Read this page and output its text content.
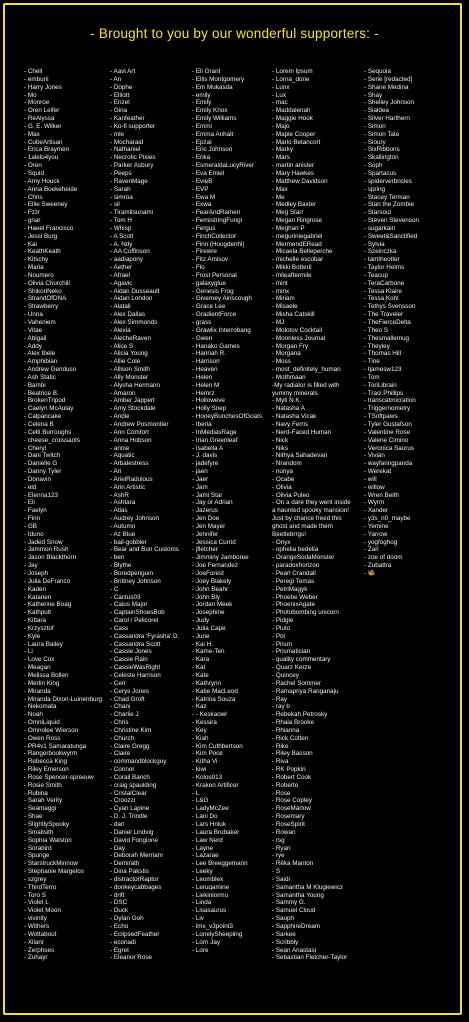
- Brought to you by our wonderful supporters: -
- Chell
- emburii
- Harry Jones
- Mo
- Monroe
- Oren Leifer
- ReAlyssa
- G. E. Wilker
- Max
- CubeArtisan
- Erica Braymen
- 1alelu4you
- Oren
- Squid
- Amy Houck
- Anna Boekeheide
- Chris
- Ellie Sweeney
- Fzzr
- gnar
- Haeel Francisco
- Jessi Burg
- Kai
- KeathKeath
- Kitschy
- Maria
- Noumero
- Olivia Churchill
- ShikoriNeko
- StrandOfDNA
- Strawberry
- Unna
- Vaheniem
- Vitae
- Abigail
- Addy
- Alex Ibele
- Amphibian
- Andrew Genduso
- Ash Static
- Bambi
- Beatrice B.
- BrokenTripod
- Caelyn McAulay
- Calpancake
- Celena B
- Celti Burroughs
- cheese_croissants
- Cheryl
- Dani Twitch
- Danielle G
- Danny Tyler
- Donavin
- eld
- Elenna123
- Eli
- Faelyn
- Finn
- GB
- Iduno
- Jaded Snow
- Jammon Rush
- Jason Blackthorn
- Jay
- Joseph
- Julia DeFranco
- Kaden
- Katarien
- Katherine Boag
- Kathpult
- Kittara
- Krzysztof
- Kyle
- Laura Bailey
- Li
- Love Cox
- Meagan
- Melissa Bollen
- Merlin King
- Miranda
- Miranda Dixon-Luinenburg
- Nekomata
- Noah
- OmniLiquid
- Omnolee Wierson
- Owen Ross
- PR4v1 Samaratunga
- Rangerbookwyrm
- Rebecca King
- Riley Emerson
- Rose Spencer-spreeuw
- Rosie Smith
- Rubina
- Sarah Verity
- Seamaggi
- Shae
- SlightlySpooky
- Smallsith
- Sophia Walston
- Sorabird
- Spunge
- StarstruckMinnow
- Stephanie Margelos
- szgrey
- ThirdTerro
- Toro S
- Violet L
- Violet Moon
- vivinity
- Withers
- Wottabout
- Xilanr
- Zerphses
- Zuhayr
- Aavi Art
- An
- Dophe
- Elliott
- Enzel
- Gina
- Kanfeather
- Ko-fi supporter
- mle
- Mocharaid
- Nathaniel
- Necrotic Pixies
- Parker Asbury
- Peeps
- RavenMage
- Sarah
- simroa
- sil
- Tiramitsunami
- Tom H
- Whisp
- A Scott
- A. Ndy
- AA Coffinson
- aadiapony
- Aether
- Afrael
- Agavic
- Aidan Dusseault
- Aidan London
- Alatali
- Alex Dallas
- Alex Simmonds
- Alexia
- AlecheRaven
- Alice S
- Alicia Young
- Allie Cole
- Allison Smith
- Ally Monster
- Alysha Hermann
- Amaron
- Amber Jappert
- Amy Stockdale
- Andie
- Andrew Posmontier
- Ann Comfort
- Anna Hobson
- annie
- Aquatic
- Arbalestress
- Ari
- ArielRadulous
- Arin Artistic
- AshR
- Ashtara
- Atlas
- Audrey Johnson
- Autumn
- Az Blue
- bail-gobbler
- Bear and Bun Customs
- ben
- Blythe
- Boredpenguin
- Brittney Johnson
- C
- Cactus03
- Caius Major
- CaptainShoesBob
- Carol / Pelicorel
- Cass
- Cassandra 'Fyrasha' D.
- Cassandra Scott
- Cassie Jones
- Cassie Rain
- CassieWasRight
- Celeste Harrison
- Ceri
- Cerys Jones
- Chad Groft
- Chani
- Charlie J
- Chris
- Christine Kim
- Church
- Claire Gregg
- Claire
- commandblockguy
- Connor
- Corail Banch
- craig spaulding
- CristalClear
- Croozzi
- Cyan Lapine
- D. J. Trindle
- dan
- Daniel Lindvig
- David Fongione
- Day
- Deborah Merriam
- Demirath
- Dina Pakstis
- distractorRaptor
- donkeycabbages
- drift
- DSC
- Duck
- Dylan Goh
- Echo
- EclipsedFeather
- econadi
- Egret
- Eleanor Rose
- Eli Grant
- Ellis Montgomery
- Em Mukasda
- emily
- Emily
- Emily Knox
- Emily Williams
- Emmi
- Emma Anhalt
- Epzal
- Eric Johnson
- Erika
- EsmeraldaLucyRiver
- Eva Emiel
- EvieB
- EVP
- Ewa M
- Exwa
- FearAndRamen
- FerrestringFungi
- Fergus
- FinchCollector
- Finn (Hougdenhl)
- Firewre
- Fitz Amisov
- Flo
- Frost Personal
- galaxyglue
- Genesis Frog
- Giverney Ainscough
- Grace Lee
- GradientForce
- grass
- Grawlix Interrobang
- Gwen
- Hanako Games
- Hannah R.
- Harrison
- Heaven
- Helen
- Helen M
- Hemrz
- Holloweve
- Holly Snep
- HoneyBunchesOfGoats
- Iberia
- InMediasRage
- Irian Greenleaf
- Isabella A
- J. davis
- jadefyre
- jaen
- Jaer
- Jam
- Jami Star
- Jay or Adrian
- Jazerus
- Jen Doe
- Jen Mayer
- Jennifer
- Jessica Currid
- jfletcher
- Jimminy Jamboree
- Joe Fernandez
- JoeForest
- Joey Blakely
- John Beahr
- John Bly
- Jordan Meek
- Josephine
- Judy
- Julia Cape
- June
- Kai H.
- Kame-Ten
- Kara
- Kat
- Kate
- Kathrynn
- Katie MacLeod
- Katrina Souza
- Kaz
- - Keskaowl
- Kessira
- Key
- Kiah
- Kim Cuthbertson
- Kim Poce
- Kitha Vi
- kiwi
- Kolos013
- Kraken Artificer
- L
- L&G
- LadyMcZee
- Lani Do
- Lars Hnluk
- Laura Brubaker
- Law Nerd
- Layne
- Lazarae
- Lee Breeggemann
- Leeky
- Leomblex
- Leruqamine
- Liekinlormu
- Linda
- Lisasaurus
- Liv
- lmx_v3point3
- LonelySheepling
- Lorn Jay
- Lore
- Lorem Ipsum
- Lorna_done
- Lunx
- Lux
- mac
- Maddalenah
- Maggie Hook
- Majo
- Maple Cooper
- Mario Betancort
- Marky
- Mars
- martin anister
- Mary Hawkes
- Matthew Davidson
- Max
- Me
- Medley Baxter
- Meg Starr
- Megan Ringrose
- Meghan P
- meguriniegabriel
- MermendERead
- Micaela Belleperche
- michelle escobar
- Mikki Botteril
- mileaftermile
- mint
- minx
- Miriam
- Misaele
- Misha Catskill
- MJ
- Molotov Cocktail
- Moonless Journal
- Morgan Fry
- Morgana
- Moss
- most_definitely_human
- Mothmaan
-My radiator is filled with yummy minerals
- Myti N.K.
- Natasha A
- Natasha Vicak
- Navy Ferris
- Nerd-Faced Human
- Nick
- Niks
- Nithya Sahadevan
- Nrandom
- nunya
- Ocabe
- Olivia
- Olivia Puleo
- On a dare they went inside a haunted spooky mansion! Just by chance freed this ghost and made them Beetlebrrgs!
- Onyx
- ophelia bedelia
- OrangeSodaMonster
- paradoxhorizon
- Pearl Crandall
- Peregi Temas
- PetriMagyk
- Phoebe Weber
- PhoenixAgate
- Photobombing unicorn
- Pidgie
- Pluto
- Pol
- Prism
- Prismatician
- quality commentary
- Quarz Kerze
- Quincey
- Rachel Sommer
- Ramapriya Ranganaju
- Ray
- ray b
- Rebekah Petrosky
- Rhaia Brooke
- Rhianna
- Rick Cotten
- Rike
- Riley Basson
- Riva
- RK Popkin
- Robert Cook
- Roberto
- Rose
- Rose Copley
- RoseMarlow
- Rosemary
- RoseSpirit
- Rowan
- rsg
- Ryan
- rye
- Rêka Manton
- S
- Saidi
- Samantha M Klugiewicz
- Samantha Young
- Sammy G.
- Samuel Cloud
- Saoph
- SapphireDream
- Sarkee
- Scribbly
- Sean Anastasi
- Sebastian Fletcher-Taylor
- Sequoia
- Serie [redacted]
- Shane Medina
- Shay
- Shelley Johnson
- Sialdea
- Silver Harthern
- Simon
- Simon Tate
- Sioury
- SixRibbons
- Skallington
- Soph
- Spartacus
- spiderverbricles
- spring
- Stacey Terman
- Stan the Zombie
- Starsoul
- Steven Stevenson
- sugarkain
- Sweet&Sanctified
- Sylvia
- Szeinczka
- tamtheotter
- Taylor Helms
- Teacup
- TeraCarbone
- Tessa Klaire
- Tessa Kohl
- Tethys Svensson
- The Traveler
- TheFierceDelta
- Theo S
- Thesmallemug
- Theyley
- Thomas Hill
- Tine
- tjamesw123
- Tom
- ToriLibrain
- Traci Phillips
- transcatmicration
- Triggernometry
- TSoftpaws
- Tyler Gustafson
- Valentine Rose
- Valerie Cimino
- Veronica Saurus
- Vivian
- wayfaringpanda
- Werekat
- will
- willow
- Wren Beith
- Wyrm
- Xander
- y3s_n0_maybe
- Yemine
- Yarrow
- yogfoghog
- Zari
- zoe of doom
- Zubattra
- 🐝
